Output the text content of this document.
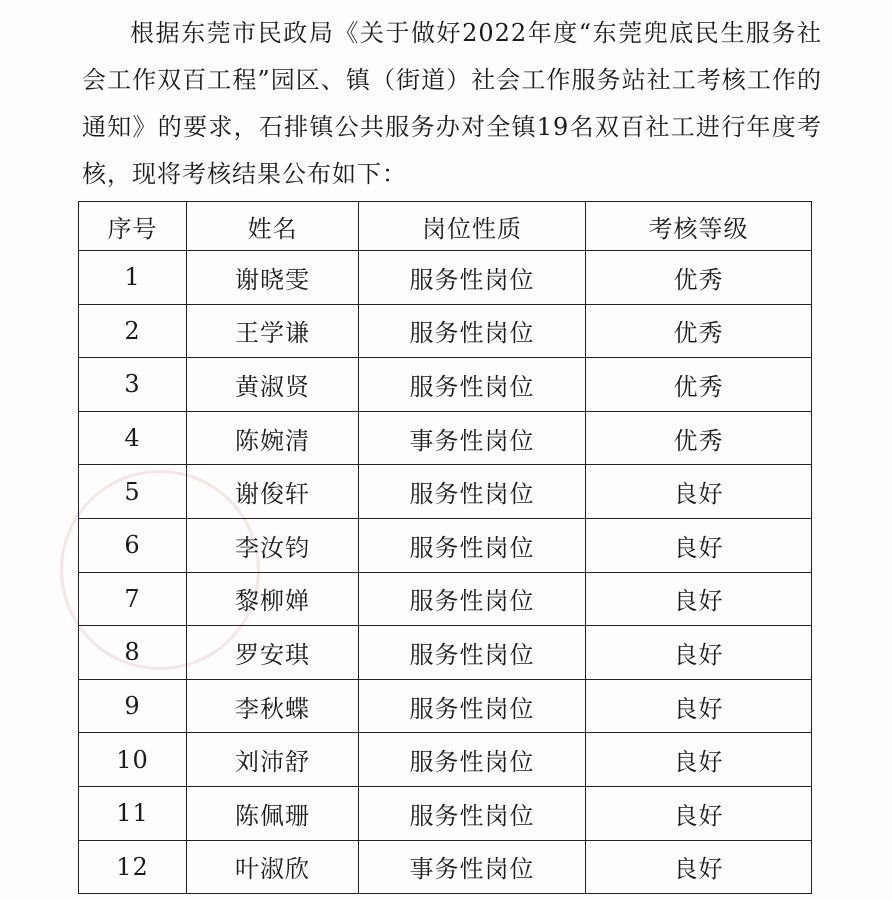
根据东莞市民政局《关于做好2022年度“东莞兜底民生服务社会工作双百工程”园区、镇（街道）社会工作服务站社工考核工作的通知》的要求，石排镇公共服务办对全镇19名双百社工进行年度考核，现将考核结果公布如下：

序号	姓名	岗位性质	考核等级
1	谢晓雯	服务性岗位	优秀
2	王学谦	服务性岗位	优秀
3	黄淑贤	服务性岗位	优秀
4	陈婉清	事务性岗位	优秀
5	谢俊轩	服务性岗位	良好
6	李汝钧	服务性岗位	良好
7	黎柳婵	服务性岗位	良好
8	罗安琪	服务性岗位	良好
9	李秋蝶	服务性岗位	良好
10	刘沛舒	服务性岗位	良好
11	陈佩珊	服务性岗位	良好
12	叶淑欣	事务性岗位	良好
